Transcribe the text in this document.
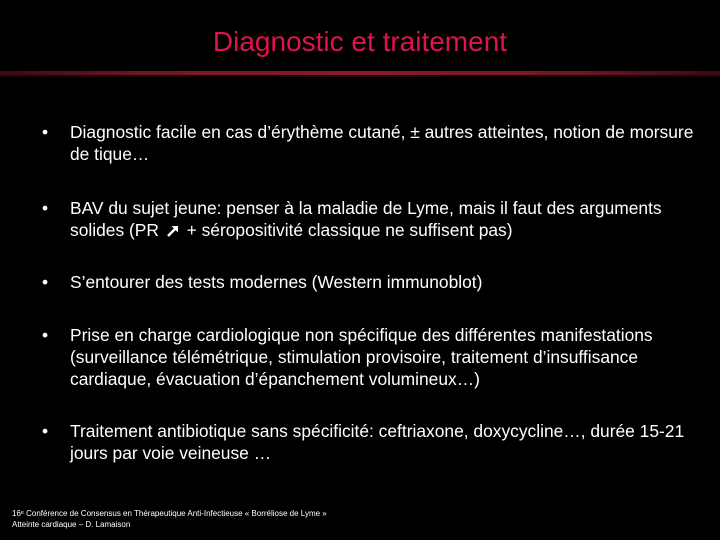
Diagnostic et traitement
•	Diagnostic facile en cas d’érythème cutané, ± autres atteintes, notion de morsure de tique…
•	BAV du sujet jeune: penser à la maladie de Lyme, mais il faut des arguments solides (PR + séropositivité classique ne suffisent pas)
•	S’entourer des tests modernes (Western immunoblot)
•	Prise en charge cardiologique non spécifique des différentes manifestations (surveillance télémétrique, stimulation provisoire, traitement d’insuffisance cardiaque, évacuation d’épanchement volumineux…)
•	Traitement antibiotique sans spécificité: ceftriaxone, doxycycline…, durée 15-21 jours par voie veineuse …
16ᵉ Conférence de Consensus en Thérapeutique Anti-Infectieuse « Borréliose de Lyme »
Atteinte cardiaque – D. Lamaison
